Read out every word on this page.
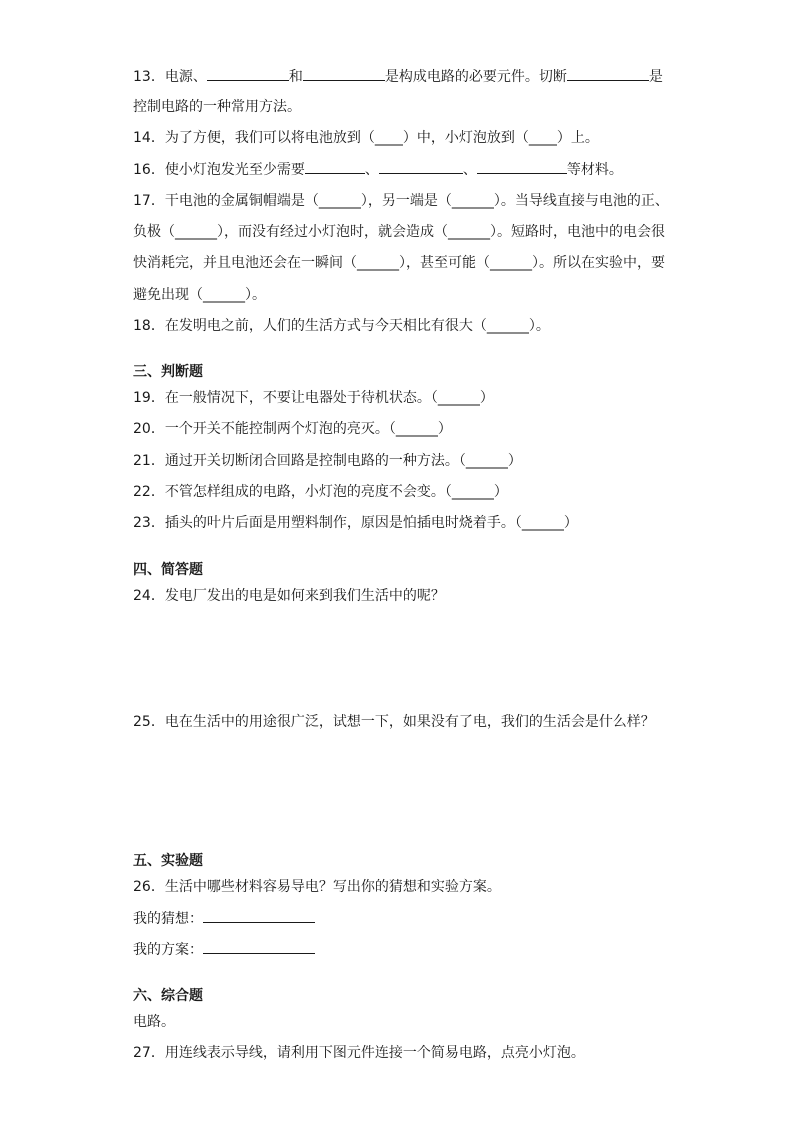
13．电源、	和	是构成电路的必要元件。切断	是
控制电路的一种常用方法。
14．为了方便，我们可以将电池放到（____）中，小灯泡放到（____）上。
16．使小灯泡发光至少需要	、	、	等材料。
17．干电池的金属铜帽端是（______），另一端是（______）。当导线直接与电池的正、
负极（______），而没有经过小灯泡时，就会造成（______）。短路时，电池中的电会很
快消耗完，并且电池还会在一瞬间（______），甚至可能（______）。所以在实验中，要
避免出现（______）。
18．在发明电之前，人们的生活方式与今天相比有很大（______）。
三、判断题
19．在一般情况下，不要让电器处于待机状态。（______）
20．一个开关不能控制两个灯泡的亮灭。（______）
21．通过开关切断闭合回路是控制电路的一种方法。（______）
22．不管怎样组成的电路，小灯泡的亮度不会变。（______）
23．插头的叶片后面是用塑料制作，原因是怕插电时烧着手。（______）
四、简答题
24．发电厂发出的电是如何来到我们生活中的呢？
25．电在生活中的用途很广泛，试想一下，如果没有了电，我们的生活会是什么样？
五、实验题
26．生活中哪些材料容易导电？写出你的猜想和实验方案。
我的猜想：
我的方案：
六、综合题
电路。
27．用连线表示导线，请利用下图元件连接一个简易电路，点亮小灯泡。
